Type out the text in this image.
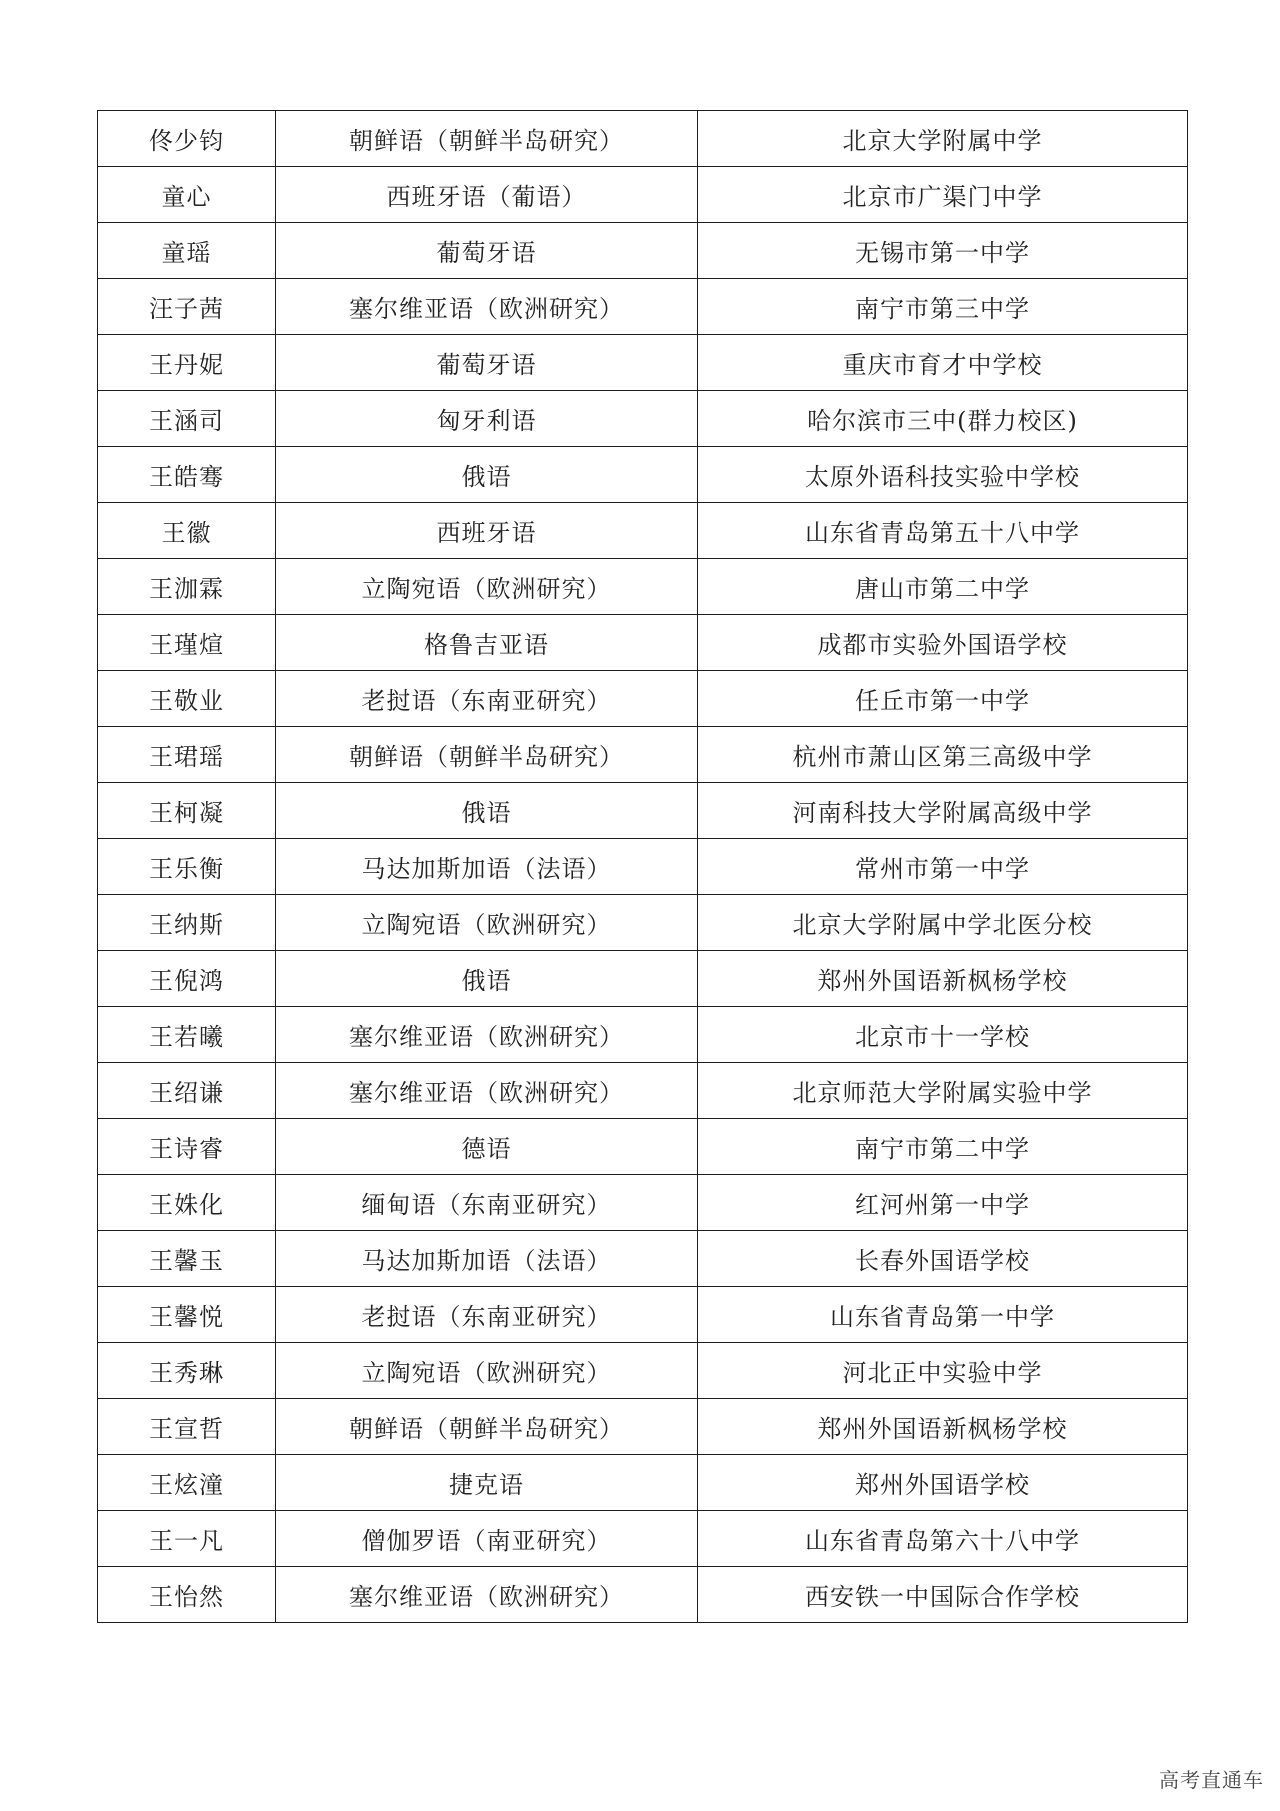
佟少钧	朝鲜语（朝鲜半岛研究）	北京大学附属中学
童心	西班牙语（葡语）	北京市广渠门中学
童瑶	葡萄牙语	无锡市第一中学
汪子茜	塞尔维亚语（欧洲研究）	南宁市第三中学
王丹妮	葡萄牙语	重庆市育才中学校
王涵司	匈牙利语	哈尔滨市三中(群力校区)
王皓骞	俄语	太原外语科技实验中学校
王徽	西班牙语	山东省青岛第五十八中学
王泇霖	立陶宛语（欧洲研究）	唐山市第二中学
王瑾煊	格鲁吉亚语	成都市实验外国语学校
王敬业	老挝语（东南亚研究）	任丘市第一中学
王珺瑶	朝鲜语（朝鲜半岛研究）	杭州市萧山区第三高级中学
王柯凝	俄语	河南科技大学附属高级中学
王乐衡	马达加斯加语（法语）	常州市第一中学
王纳斯	立陶宛语（欧洲研究）	北京大学附属中学北医分校
王倪鸿	俄语	郑州外国语新枫杨学校
王若曦	塞尔维亚语（欧洲研究）	北京市十一学校
王绍谦	塞尔维亚语（欧洲研究）	北京师范大学附属实验中学
王诗睿	德语	南宁市第二中学
王姝化	缅甸语（东南亚研究）	红河州第一中学
王馨玉	马达加斯加语（法语）	长春外国语学校
王馨悦	老挝语（东南亚研究）	山东省青岛第一中学
王秀琳	立陶宛语（欧洲研究）	河北正中实验中学
王宣哲	朝鲜语（朝鲜半岛研究）	郑州外国语新枫杨学校
王炫潼	捷克语	郑州外国语学校
王一凡	僧伽罗语（南亚研究）	山东省青岛第六十八中学
王怡然	塞尔维亚语（欧洲研究）	西安铁一中国际合作学校
高考直通车
